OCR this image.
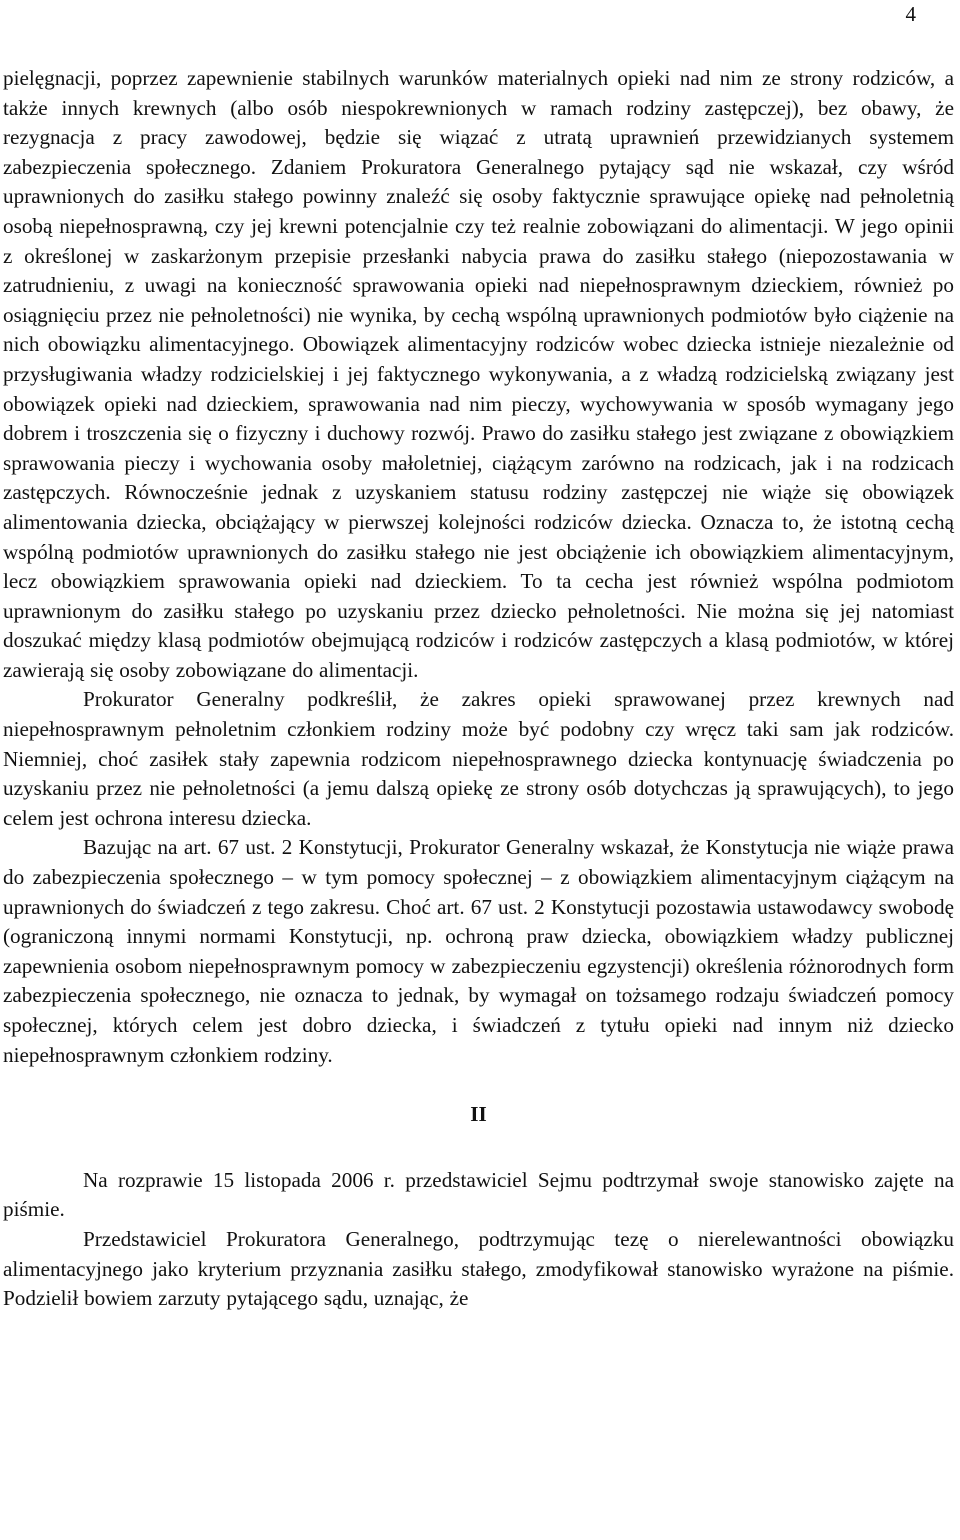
4

pielęgnacji, poprzez zapewnienie stabilnych warunków materialnych opieki nad nim ze strony rodziców, a także innych krewnych (albo osób niespokrewnionych w ramach rodziny zastępczej), bez obawy, że rezygnacja z pracy zawodowej, będzie się wiązać z utratą uprawnień przewidzianych systemem zabezpieczenia społecznego. Zdaniem Prokuratora Generalnego pytający sąd nie wskazał, czy wśród uprawnionych do zasiłku stałego powinny znaleźć się osoby faktycznie sprawujące opiekę nad pełnoletnią osobą niepełnosprawną, czy jej krewni potencjalnie czy też realnie zobowiązani do alimentacji. W jego opinii z określonej w zaskarżonym przepisie przesłanki nabycia prawa do zasiłku stałego (niepozostawania w zatrudnieniu, z uwagi na konieczność sprawowania opieki nad niepełnosprawnym dzieckiem, również po osiągnięciu przez nie pełnoletności) nie wynika, by cechą wspólną uprawnionych podmiotów było ciążenie na nich obowiązku alimentacyjnego. Obowiązek alimentacyjny rodziców wobec dziecka istnieje niezależnie od przysługiwania władzy rodzicielskiej i jej faktycznego wykonywania, a z władzą rodzicielską związany jest obowiązek opieki nad dzieckiem, sprawowania nad nim pieczy, wychowywania w sposób wymagany jego dobrem i troszczenia się o fizyczny i duchowy rozwój. Prawo do zasiłku stałego jest związane z obowiązkiem sprawowania pieczy i wychowania osoby małoletniej, ciążącym zarówno na rodzicach, jak i na rodzicach zastępczych. Równocześnie jednak z uzyskaniem statusu rodziny zastępczej nie wiąże się obowiązek alimentowania dziecka, obciążający w pierwszej kolejności rodziców dziecka. Oznacza to, że istotną cechą wspólną podmiotów uprawnionych do zasiłku stałego nie jest obciążenie ich obowiązkiem alimentacyjnym, lecz obowiązkiem sprawowania opieki nad dzieckiem. To ta cecha jest również wspólna podmiotom uprawnionym do zasiłku stałego po uzyskaniu przez dziecko pełnoletności. Nie można się jej natomiast doszukać między klasą podmiotów obejmującą rodziców i rodziców zastępczych a klasą podmiotów, w której zawierają się osoby zobowiązane do alimentacji.

Prokurator Generalny podkreślił, że zakres opieki sprawowanej przez krewnych nad niepełnosprawnym pełnoletnim członkiem rodziny może być podobny czy wręcz taki sam jak rodziców. Niemniej, choć zasiłek stały zapewnia rodzicom niepełnosprawnego dziecka kontynuację świadczenia po uzyskaniu przez nie pełnoletności (a jemu dalszą opiekę ze strony osób dotychczas ją sprawujących), to jego celem jest ochrona interesu dziecka.

Bazując na art. 67 ust. 2 Konstytucji, Prokurator Generalny wskazał, że Konstytucja nie wiąże prawa do zabezpieczenia społecznego – w tym pomocy społecznej – z obowiązkiem alimentacyjnym ciążącym na uprawnionych do świadczeń z tego zakresu. Choć art. 67 ust. 2 Konstytucji pozostawia ustawodawcy swobodę (ograniczoną innymi normami Konstytucji, np. ochroną praw dziecka, obowiązkiem władzy publicznej zapewnienia osobom niepełnosprawnym pomocy w zabezpieczeniu egzystencji) określenia różnorodnych form zabezpieczenia społecznego, nie oznacza to jednak, by wymagał on tożsamego rodzaju świadczeń pomocy społecznej, których celem jest dobro dziecka, i świadczeń z tytułu opieki nad innym niż dziecko niepełnosprawnym członkiem rodziny.

II

Na rozprawie 15 listopada 2006 r. przedstawiciel Sejmu podtrzymał swoje stanowisko zajęte na piśmie.

Przedstawiciel Prokuratora Generalnego, podtrzymując tezę o nierelewantności obowiązku alimentacyjnego jako kryterium przyznania zasiłku stałego, zmodyfikował stanowisko wyrażone na piśmie. Podzielił bowiem zarzuty pytającego sądu, uznając, że
